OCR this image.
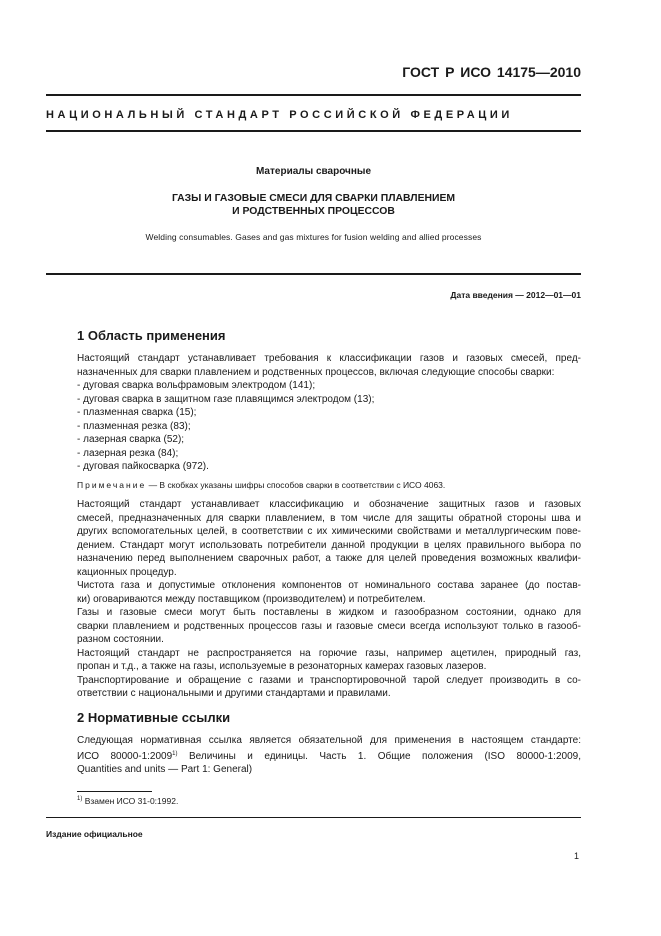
ГОСТ Р ИСО 14175—2010
НАЦИОНАЛЬНЫЙ СТАНДАРТ РОССИЙСКОЙ ФЕДЕРАЦИИ
Материалы сварочные
ГАЗЫ И ГАЗОВЫЕ СМЕСИ ДЛЯ СВАРКИ ПЛАВЛЕНИЕМ
И РОДСТВЕННЫХ ПРОЦЕССОВ
Welding consumables. Gases and gas mixtures for fusion welding and allied processes
Дата введения — 2012—01—01
1 Область применения
Настоящий стандарт устанавливает требования к классификации газов и газовых смесей, пред-
назначенных для сварки плавлением и родственных процессов, включая следующие способы сварки:
- дуговая сварка вольфрамовым электродом (141);
- дуговая сварка в защитном газе плавящимся электродом (13);
- плазменная сварка (15);
- плазменная резка (83);
- лазерная сварка (52);
- лазерная резка (84);
- дуговая пайкосварка (972).
Примечание — В скобках указаны шифры способов сварки в соответствии с ИСО 4063.
Настоящий стандарт устанавливает классификацию и обозначение защитных газов и газовых
смесей, предназначенных для сварки плавлением, в том числе для защиты обратной стороны шва и
других вспомогательных целей, в соответствии с их химическими свойствами и металлургическим пове-
дением. Стандарт могут использовать потребители данной продукции в целях правильного выбора по
назначению перед выполнением сварочных работ, а также для целей проведения возможных квалифи-
кационных процедур.
Чистота газа и допустимые отклонения компонентов от номинального состава заранее (до постав-
ки) оговариваются между поставщиком (производителем) и потребителем.
Газы и газовые смеси могут быть поставлены в жидком и газообразном состоянии, однако для
сварки плавлением и родственных процессов газы и газовые смеси всегда используют только в газооб-
разном состоянии.
Настоящий стандарт не распространяется на горючие газы, например ацетилен, природный газ,
пропан и т.д., а также на газы, используемые в резонаторных камерах газовых лазеров.
Транспортирование и обращение с газами и транспортировочной тарой следует производить в со-
ответствии с национальными и другими стандартами и правилами.
2 Нормативные ссылки
Следующая нормативная ссылка является обязательной для применения в настоящем стандарте:
ИСО 80000-1:2009$^{1)}$ Величины и единицы. Часть 1. Общие положения (ISO 80000-1:2009,
Quantities and units — Part 1: General)
$^{1)}$ Взамен ИСО 31-0:1992.
Издание официальное
1
